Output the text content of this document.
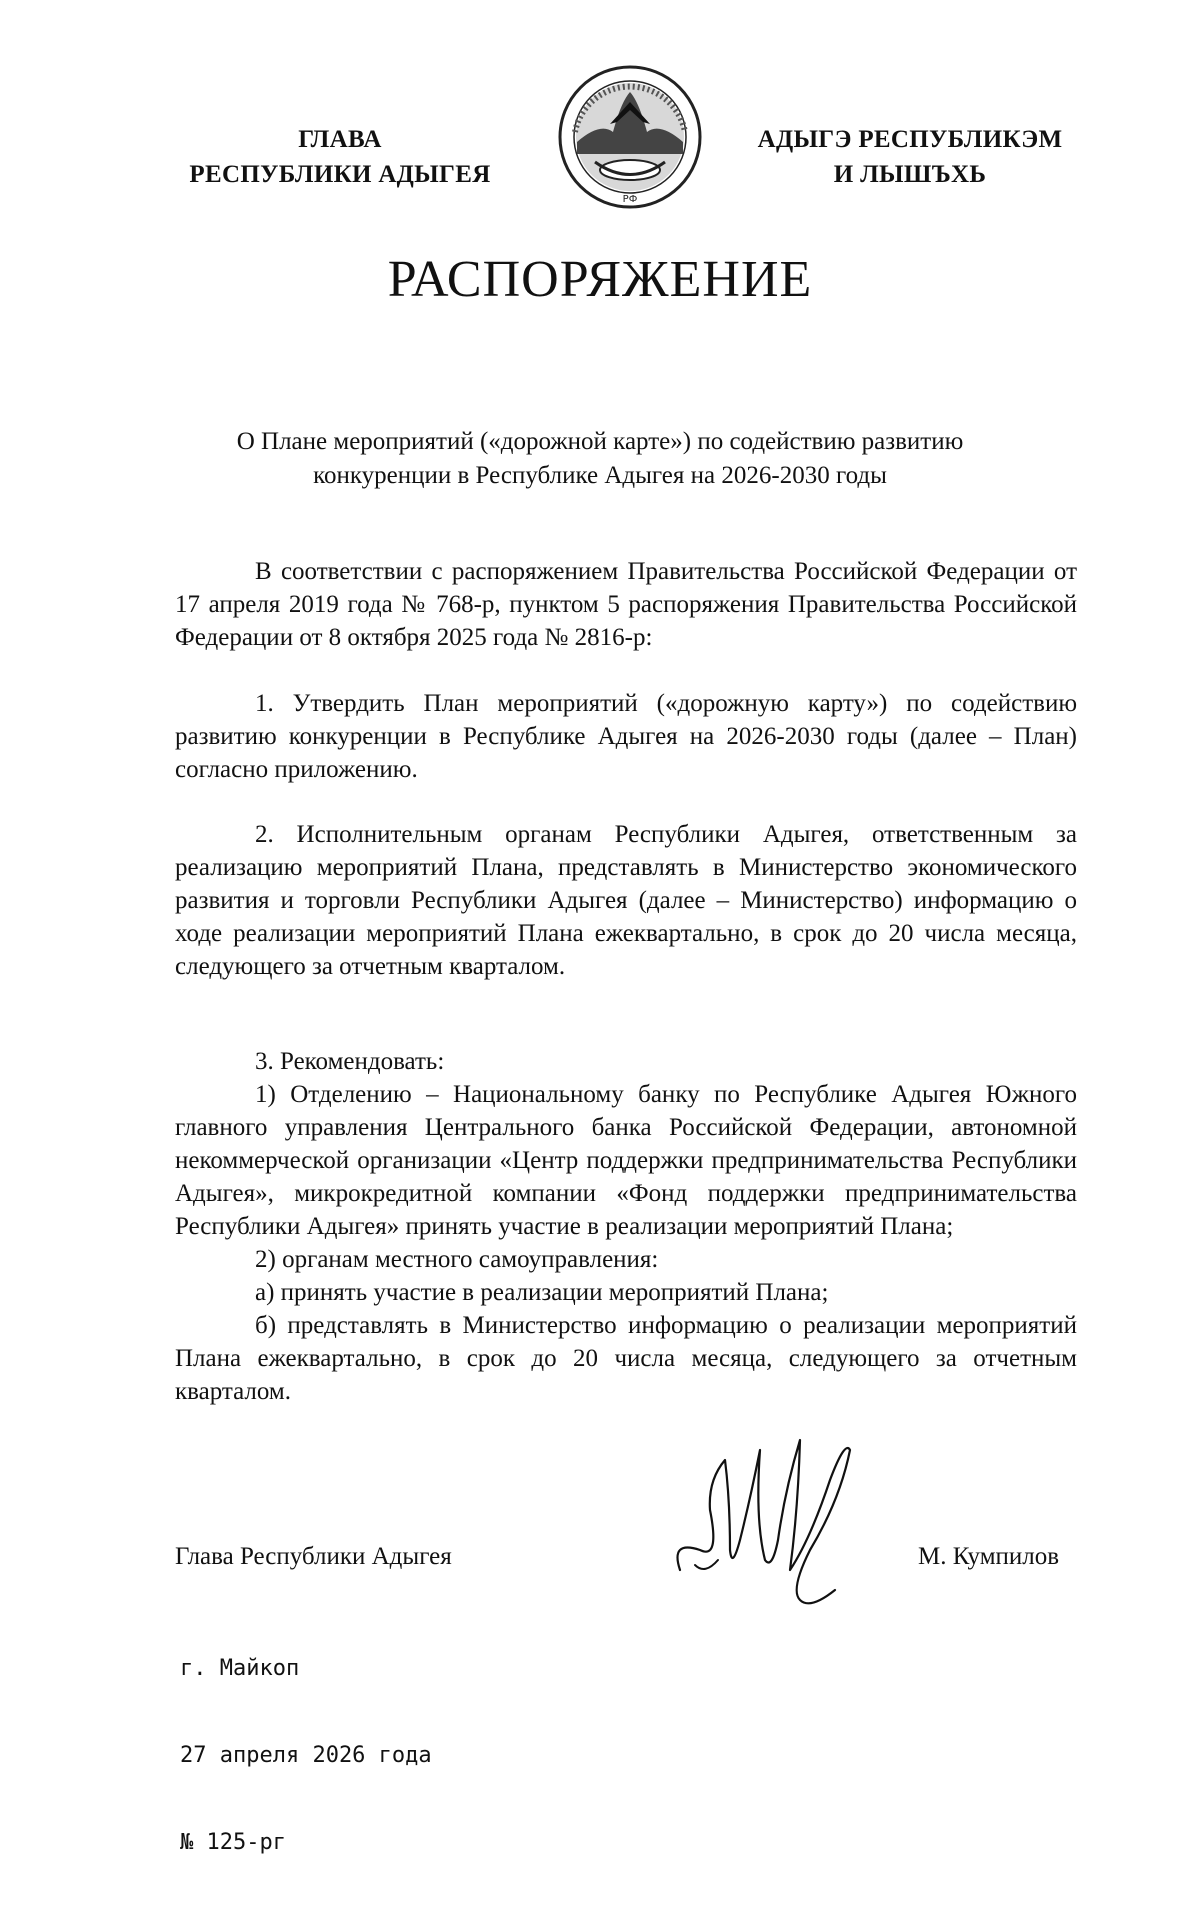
ГЛАВА
РЕСПУБЛИКИ АДЫГЕЯ
РФ
АДЫГЭ РЕСПУБЛИКЭМ
И ЛЫШЪХЬ
РАСПОРЯЖЕНИЕ
О Плане мероприятий («дорожной карте») по содействию развитию
конкуренции в Республике Адыгея на 2026-2030 годы

В соответствии с распоряжением Правительства Российской Федерации от 17 апреля 2019 года № 768-р, пунктом 5 распоряжения Правительства Российской Федерации от 8 октября 2025 года № 2816-р:

1. Утвердить План мероприятий («дорожную карту») по содействию развитию конкуренции в Республике Адыгея на 2026-2030 годы (далее – План) согласно приложению.

2. Исполнительным органам Республики Адыгея, ответственным за реализацию мероприятий Плана, представлять в Министерство экономического развития и торговли Республики Адыгея (далее – Министерство) информацию о ходе реализации мероприятий Плана ежеквартально, в срок до 20 числа месяца, следующего за отчетным кварталом.

3. Рекомендовать:

1) Отделению – Национальному банку по Республике Адыгея Южного главного управления Центрального банка Российской Федерации, автономной некоммерческой организации «Центр поддержки предпринимательства Республики Адыгея», микрокредитной компании «Фонд поддержки предпринимательства Республики Адыгея» принять участие в реализации мероприятий Плана;

2) органам местного самоуправления:

а) принять участие в реализации мероприятий Плана;

б) представлять в Министерство информацию о реализации мероприятий Плана ежеквартально, в срок до 20 числа месяца, следующего за отчетным кварталом.

Глава Республики Адыгея	М. Кумпилов

г. Майкоп

27 апреля 2026 года

№ 125-рг
